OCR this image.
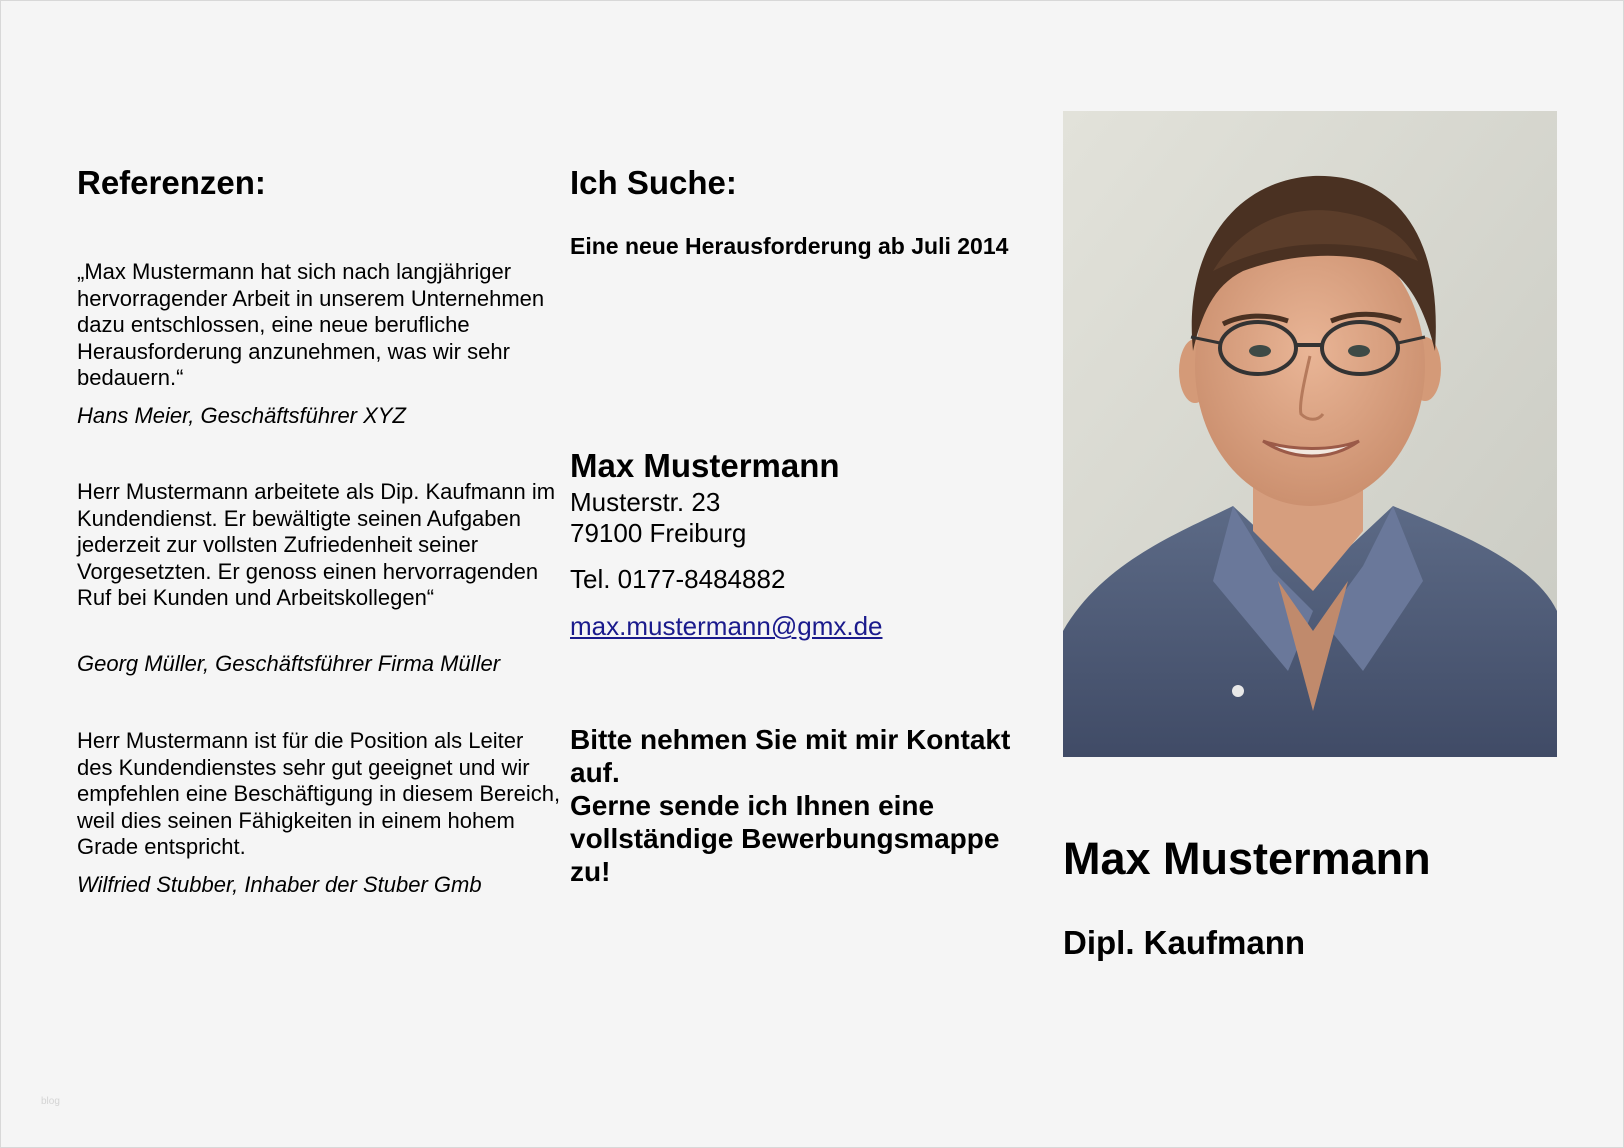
Referenzen:

„Max Mustermann hat sich nach langjähriger hervorragender Arbeit in unserem Unternehmen dazu entschlossen, eine neue berufliche Herausforderung anzunehmen, was wir sehr bedauern.“

Hans Meier, Geschäftsführer XYZ

Herr Mustermann arbeitete als Dip. Kaufmann im Kundendienst. Er bewältigte seinen Aufgaben jederzeit zur vollsten Zufriedenheit seiner Vorgesetzten. Er genoss einen hervorragenden Ruf bei Kunden und Arbeitskollegen“

Georg Müller, Geschäftsführer Firma Müller

Herr Mustermann ist für die Position als Leiter des Kundendienstes sehr gut geeignet und wir empfehlen eine Beschäftigung in diesem Bereich, weil dies seinen Fähigkeiten in einem hohem Grade entspricht.

Wilfried Stubber, Inhaber der Stuber Gmb

Ich Suche:
Eine neue Herausforderung ab Juli 2014
Max Mustermann
Musterstr. 23
79100 Freiburg
Tel. 0177-8484882
max.mustermann@gmx.de
Bitte nehmen Sie mit mir Kontakt auf.
Gerne sende ich Ihnen eine vollständige Bewerbungsmappe zu!	Max Mustermann
Dipl. Kaufmann
blog
